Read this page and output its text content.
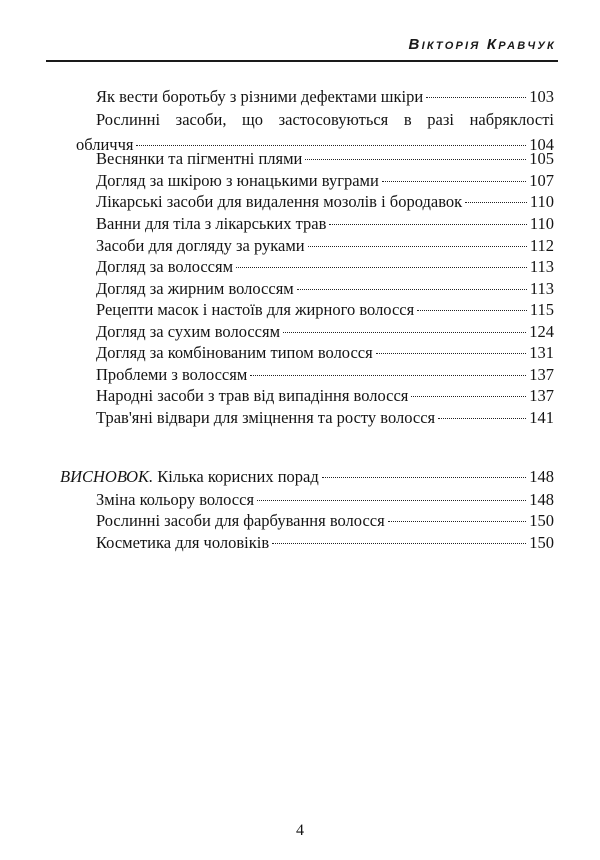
Вікторія Кравчук
Як вести боротьбу з різними дефектами шкіри	103
Рослинні засоби, що застосовуються в разі набряклості
обличчя	104
Веснянки та пігментні плями	105
Догляд за шкірою з юнацькими вуграми	107
Лікарські засоби для видалення мозолів і бородавок	110
Ванни для тіла з лікарських трав	110
Засоби для догляду за руками	112
Догляд за волоссям	113
Догляд за жирним волоссям	113
Рецепти масок і настоїв для жирного волосся	115
Догляд за сухим волоссям	124
Догляд за комбінованим типом волосся	131
Проблеми з волоссям	137
Народні засоби з трав від випадіння волосся	137
Трав'яні відвари для зміцнення та росту волосся	141
ВИСНОВОК. Кілька корисних порад	148
Зміна кольору волосся	148
Рослинні засоби для фарбування волосся	150
Косметика для чоловіків	150
4
